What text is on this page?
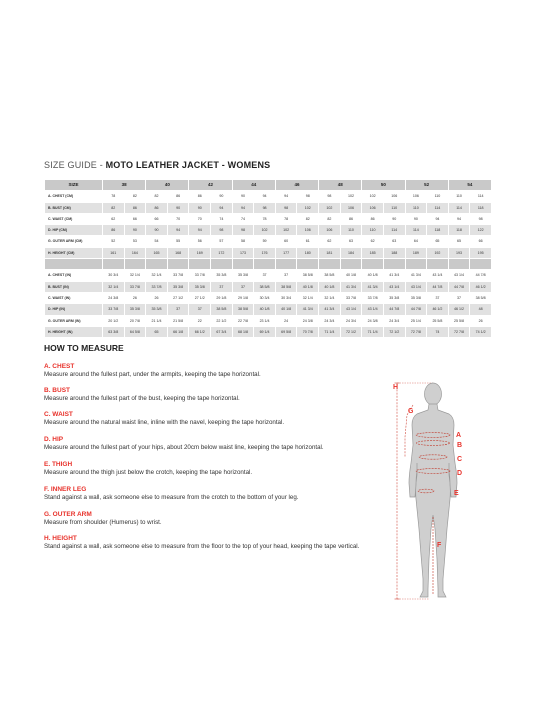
SIZE GUIDE - MOTO LEATHER JACKET - WOMENS
SIZE	38		40		42		44		46		48		50		52		54	
A. CHEST (CM)	78	82	82	86	86	90	90	94	94	98	98	102	102	106	106	110	110	114
B. BUST (CM)	82	86	86	90	90	94	94	98	98	102	102	106	106	110	110	114	114	118
C. WAIST (CM)	62	66	66	70	70	74	74	78	78	82	82	86	86	90	90	94	94	98
D. HIP (CM)	86	90	90	94	94	98	98	102	102	106	106	110	110	114	114	118	118	122
G. OUTER ARM (CM)	52	53	54	55	56	57	58	59	60	61	62	63	62	63	64	65	65	66
H. HEIGHT (CM)	161	164	165	168	169	172	173	176	177	180	181	184	185	188	189	192	193	195

A. CHEST (IN)	30 3/4	32 1/4	32 1/4	33 7/8	33 7/8	35 3/8	35 3/8	37	37	38 5/8	38 5/8	40 1/8	40 1/8	41 3/4	41 3/4	43 1/4	43 1/4	44 7/8
B. BUST (IN)	32 1/4	33 7/8	33 7/8	35 3/8	35 3/8	37	37	38 5/8	38 5/8	40 1/8	40 1/8	41 3/4	41 3/4	43 1/4	43 1/4	44 7/8	44 7/8	46 1/2
C. WAIST (IN)	24 3/8	26	26	27 1/2	27 1/2	29 1/8	29 1/8	30 3/4	30 3/4	32 1/4	32 1/4	33 7/8	33 7/8	35 3/8	35 3/8	37	37	38 5/8
D. HIP (IN)	33 7/8	35 3/8	35 3/8	37	37	38 5/8	38 5/8	40 1/8	40 1/8	41 3/4	41 3/4	43 1/4	43 1/4	44 7/8	44 7/8	46 1/2	46 1/2	48
G. OUTER ARM (IN)	20 1/2	20 7/8	21 1/4	21 5/8	22	22 1/2	22 7/8	23 1/4	24	24 3/8	24 3/4	24 3/4	24 3/8	24 3/4	25 1/4	25 5/8	25 5/8	26
H. HEIGHT (IN)	63 3/8	64 5/8	65	66 1/8	66 1/2	67 3/4	68 1/8	69 1/4	69 5/8	70 7/8	71 1/4	72 1/2	71 1/4	72 1/2	72 7/8	74	72 7/8	74 1/2
HOW TO MEASURE
A. CHEST
Measure around the fullest part, under the armpits, keeping the tape horizontal.
B. BUST
Measure around the fullest part of the bust, keeping the tape horizontal.
C. WAIST
Measure around the natural waist line, inline with the navel, keeping the tape horizontal.
D. HIP
Measure around the fullest part of your hips, about 20cm below waist line, keeping the tape horizontal.
E. THIGH
Measure around the thigh just below the crotch, keeping the tape horizontal.
F. INNER LEG
Stand against a wall, ask someone else to measure from the crotch to the bottom of your leg.
G. OUTER ARM
Measure from shoulder (Humerus) to wrist.
H. HEIGHT
Stand against a wall, ask someone else to measure from the floor to the top of your head, keeping the tape vertical.
H
G
A
B
C
D
E
F
